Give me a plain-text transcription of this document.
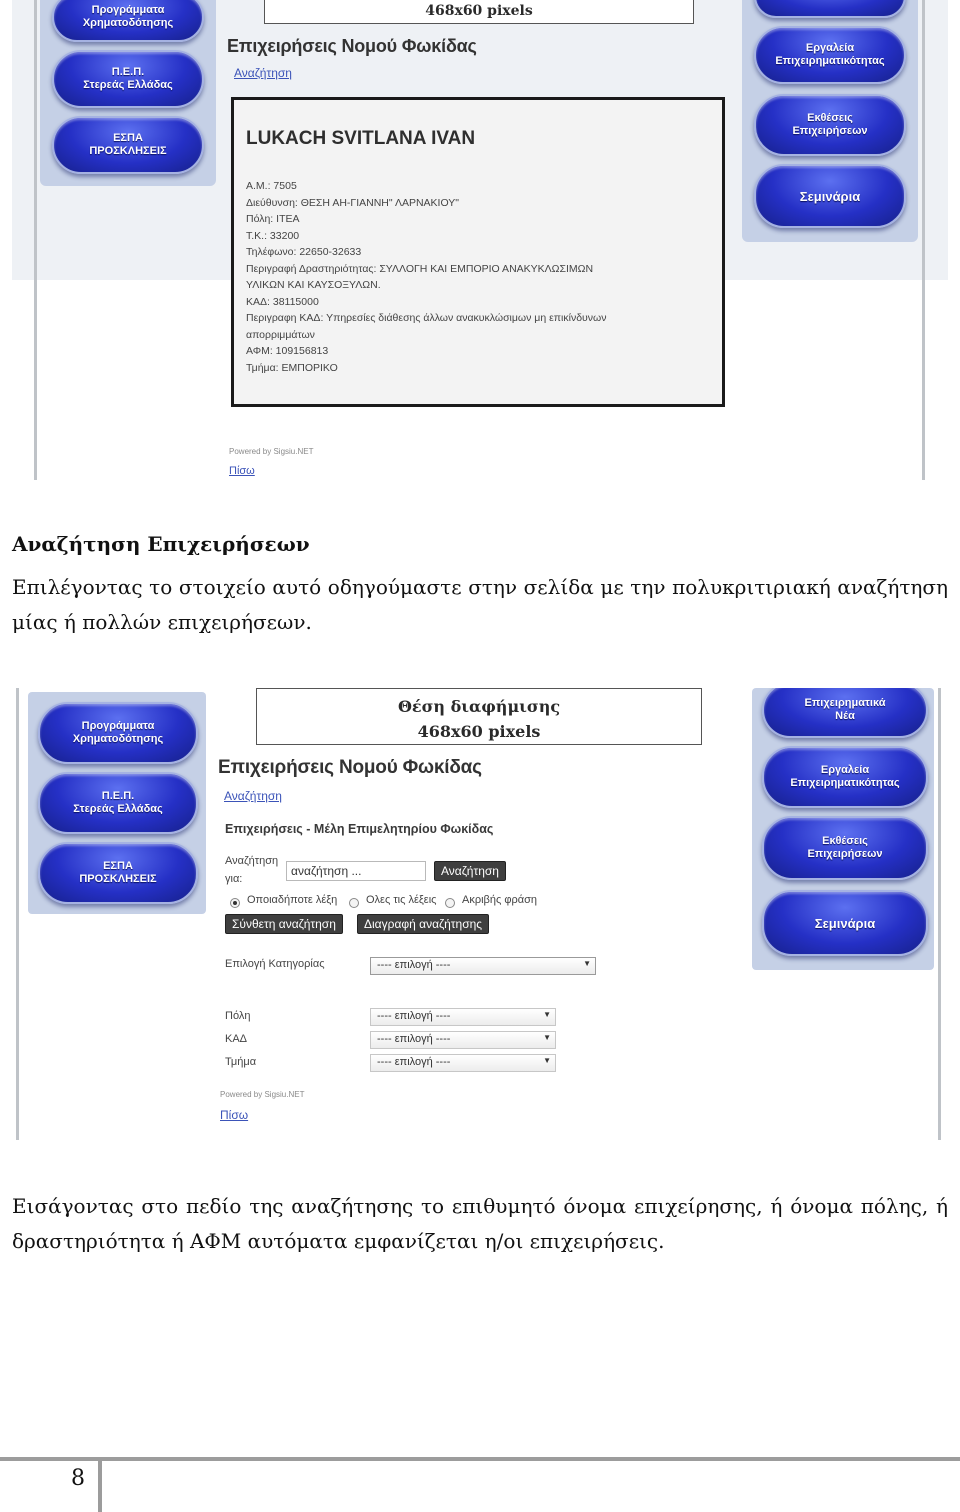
Προγράμματα
Χρηματοδότησης
Π.Ε.Π.
Στερεάς Ελλάδας
ΕΣΠΑ
ΠΡΟΣΚΛΗΣΕΙΣ
468x60 pixels
Επιχειρήσεις Νομού Φωκίδας
Αναζήτηση
LUKACH SVITLANA IVAN
Α.Μ.: 7505
Διεύθυνση: ΘΕΣΗ ΑΗ-ΓΙΑΝΝΗ" ΛΑΡΝΑΚΙΟΥ"
Πόλη: ΙΤΕΑ
Τ.Κ.: 33200
Τηλέφωνο: 22650-32633
Περιγραφή Δραστηριότητας: ΣΥΛΛΟΓΗ ΚΑΙ ΕΜΠΟΡΙΟ ΑΝΑΚΥΚΛΩΣΙΜΩΝ
ΥΛΙΚΩΝ ΚΑΙ ΚΑΥΣΟΞΥΛΩΝ.
ΚΑΔ: 38115000
Περιγραφη ΚΑΔ: Υπηρεσίες διάθεσης άλλων ανακυκλώσιμων μη επικίνδυνων
απορριμμάτων
ΑΦΜ: 109156813
Τμήμα: ΕΜΠΟΡΙΚΟ
Εργαλεία
Επιχειρηματικότητας
Εκθέσεις
Επιχειρήσεων
Σεμινάρια
Powered by Sigsiu.NET
Πίσω
Αναζήτηση Επιχειρήσεων
Επιλέγοντας το στοιχείο αυτό οδηγούμαστε στην σελίδα με την πολυκριτιριακή αναζήτηση μίας ή πολλών επιχειρήσεων.
Προγράμματα
Χρηματοδότησης
Π.Ε.Π.
Στερεάς Ελλάδας
ΕΣΠΑ
ΠΡΟΣΚΛΗΣΕΙΣ
Θέση διαφήμισης
468x60 pixels
Επιχειρήσεις Νομού Φωκίδας
Αναζήτηση
Επιχειρήσεις - Μέλη Επιμελητηρίου Φωκίδας
Αναζήτηση
για:
αναζήτηση ...	Αναζήτηση
Οποιαδήποτε λέξη	Ολες τις λέξεις Ακριβής φράση
Σύνθετη αναζήτηση	Διαγραφή αναζήτησης
Επιλογή Κατηγορίας	---- επιλογή ----	▼
Πόλη	---- επιλογή ----	▼
ΚΑΔ	---- επιλογή ----	▼
Τμήμα	---- επιλογή ----	▼
Powered by Sigsiu.NET
Πίσω
Επιχειρηματικά
Νέα
Εργαλεία
Επιχειρηματικότητας
Εκθέσεις
Επιχειρήσεων
Σεμινάρια
Εισάγοντας στο πεδίο της αναζήτησης το επιθυμητό όνομα επιχείρησης, ή όνομα πόλης, ή δραστηριότητα ή ΑΦΜ αυτόματα εμφανίζεται η/οι επιχειρήσεις.
8
